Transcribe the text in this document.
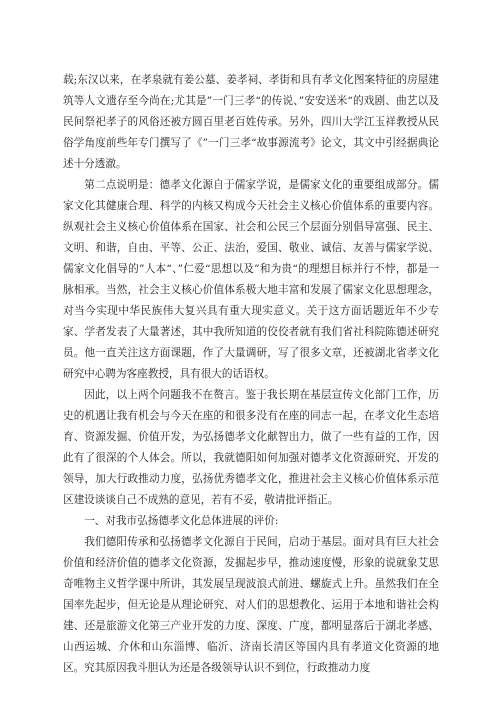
载;东汉以来，在孝泉就有姜公墓、姜孝祠、孝街和具有孝文化图案特征的房屋建筑等人文遗存至今尚在;尤其是”一门三孝“的传说、”安安送米“的戏剧、曲艺以及民间祭祀孝子的风俗还被方圆百里老百姓传承。另外，四川大学江玉祥教授从民俗学角度前些年专门撰写了《”一门三孝“故事源流考》论文，其文中引经据典论述十分透澈。

第二点说明是：德孝文化源自于儒家学说，是儒家文化的重要组成部分。儒家文化其健康合理、科学的内核又构成今天社会主义核心价值体系的重要内容。纵观社会主义核心价值体系在国家、社会和公民三个层面分别倡导富强、民主、文明、和谐，自由、平等、公正、法治，爱国、敬业、诚信、友善与儒家学说、儒家文化倡导的”人本“、”仁爱“思想以及”和为贵“的理想目标并行不悖，都是一脉相承。当然，社会主义核心价值体系极大地丰富和发展了儒家文化思想理念，对当今实现中华民族伟大复兴具有重大现实意义。关于这方面话题近年不少专家、学者发表了大量著述，其中我所知道的佼佼者就有我们省社科院陈德述研究员。他一直关注这方面课题，作了大量调研，写了很多文章，还被湖北省孝文化研究中心聘为客座教授，具有很大的话语权。

因此，以上两个问题我不在赘言。鉴于我长期在基层宣传文化部门工作，历史的机遇让我有机会与今天在座的和很多没有在座的同志一起，在孝文化生态培育、资源发掘、价值开发，为弘扬德孝文化献智出力，做了一些有益的工作，因此有了很深的个人体会。所以，我就德阳如何加强对德孝文化资源研究、开发的领导，加大行政推动力度，弘扬优秀德孝文化，推进社会主义核心价值体系示范区建设谈谈自己不成熟的意见，若有不妥，敬请批评指正。

一、对我市弘扬德孝文化总体进展的评价:

我们德阳传承和弘扬德孝文化源自于民间，启动于基层。面对具有巨大社会价值和经济价值的德孝文化资源，发掘起步早，推动速度慢，形象的说就象艾思奇唯物主义哲学课中所讲，其发展呈现波浪式前进、螺旋式上升。虽然我们在全国率先起步，但无论是从理论研究、对人们的思想教化、运用于本地和谐社会构建、还是旅游文化第三产业开发的力度、深度、广度，都明显落后于湖北孝感、山西运城、介休和山东淄博、临沂、济南长清区等国内具有孝道文化资源的地区。究其原因我斗胆认为还是各级领导认识不到位，行政推动力度
